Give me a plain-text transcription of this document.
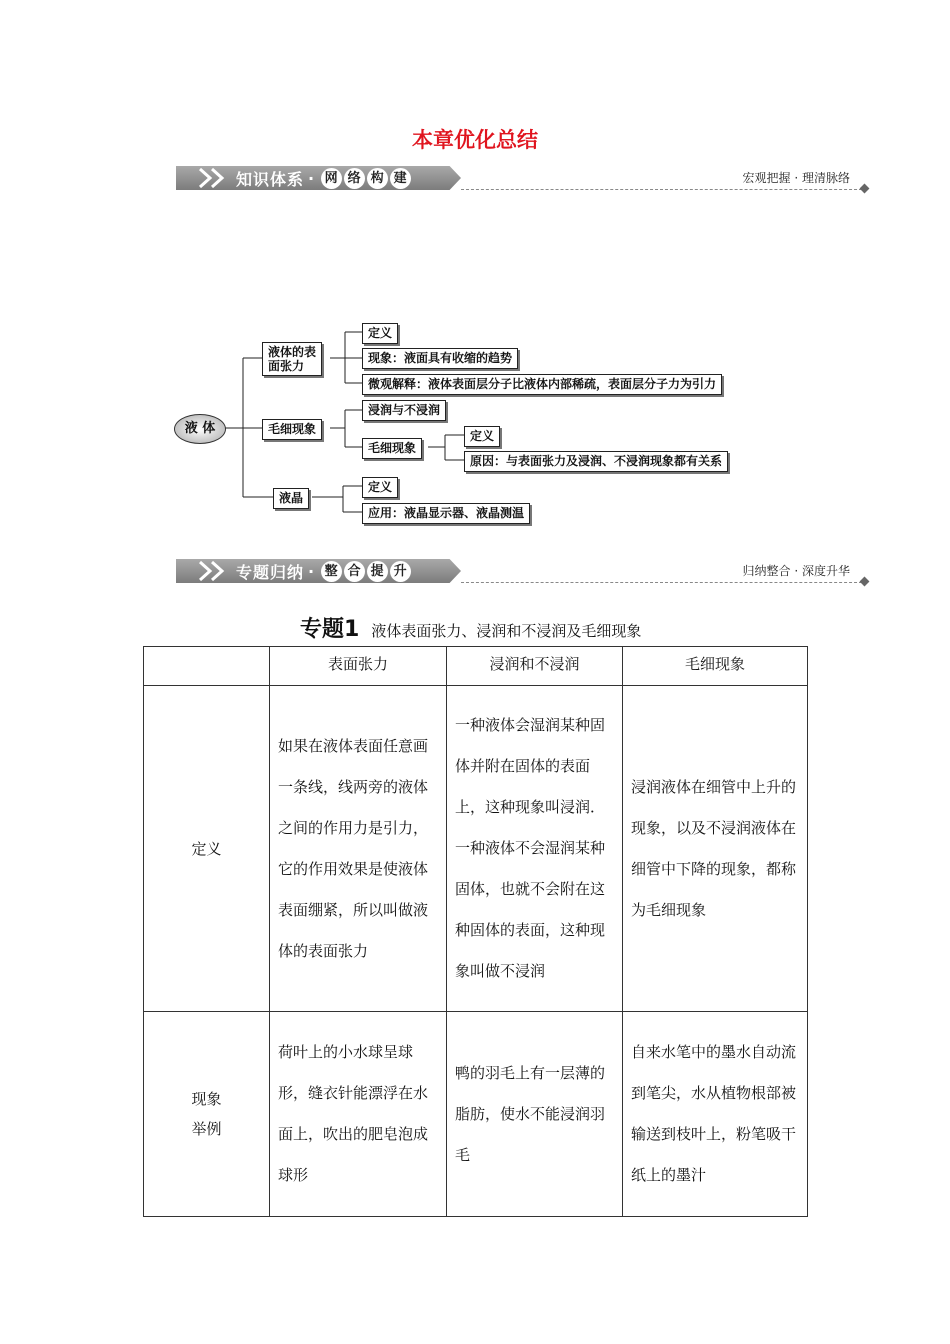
本章优化总结
知识体系 · 网 络 构 建	宏观把握 · 理清脉络
液 体
液体的表
面张力
定义
现象：液面具有收缩的趋势
微观解释：液体表面层分子比液体内部稀疏，表面层分子力为引力
毛细现象
浸润与不浸润
毛细现象
定义
原因：与表面张力及浸润、不浸润现象都有关系
液晶
定义
应用：液晶显示器、液晶测温
专题归纳 · 整 合 提 升	归纳整合 · 深度升华
专题1 液体表面张力、浸润和不浸润及毛细现象
	表面张力	浸润和不浸润	毛细现象
定义	如果在液体表面任意画一条线，线两旁的液体之间的作用力是引力，它的作用效果是使液体表面绷紧，所以叫做液体的表面张力	一种液体会湿润某种固体并附在固体的表面上，这种现象叫浸润．一种液体不会湿润某种固体，也就不会附在这种固体的表面，这种现象叫做不浸润	浸润液体在细管中上升的现象，以及不浸润液体在细管中下降的现象，都称为毛细现象

现象
举例	荷叶上的小水球呈球形，缝衣针能漂浮在水面上，吹出的肥皂泡成球形	鸭的羽毛上有一层薄的脂肪，使水不能浸润羽毛	自来水笔中的墨水自动流到笔尖，水从植物根部被输送到枝叶上，粉笔吸干纸上的墨汁
